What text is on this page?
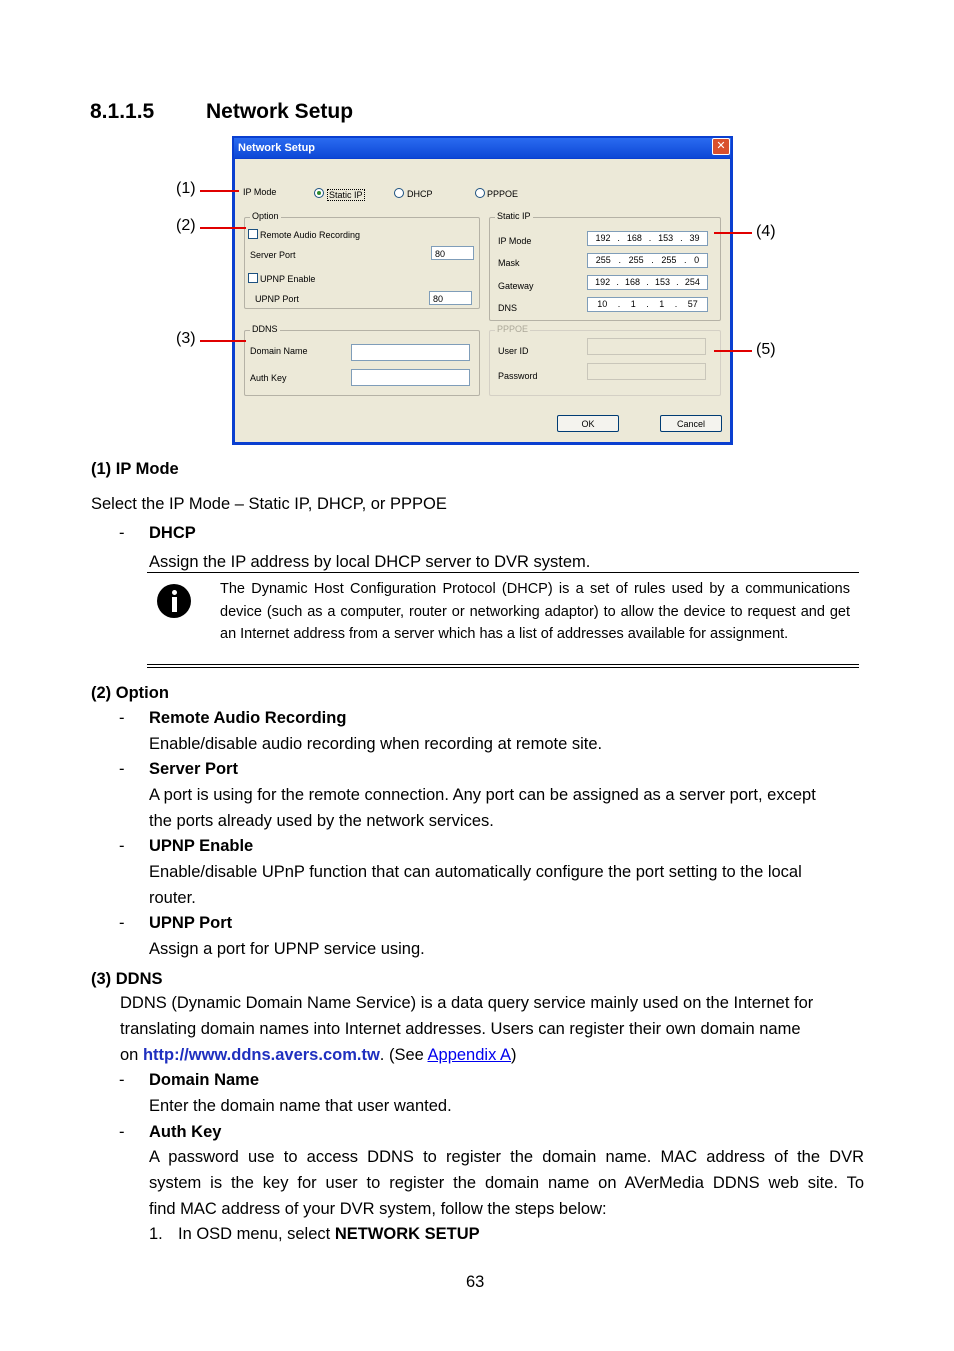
8.1.1.5 Network Setup
Network Setup	✕
IP Mode	Static IP	DHCP	PPPOE
Option
Remote Audio Recording
Server Port	80
UPNP Enable
UPNP Port	80
Static IP
IP Mode	192 . 168 . 153 . 39
Mask	255 . 255 . 255 . 0
Gateway	192 . 168 . 153 . 254
DNS	10 . 1 . 1 . 57
DDNS
Domain Name
Auth Key
PPPOE
User ID
Password
OK	Cancel
(1)
(2)
(3)
(4)
(5)

(1) IP Mode

Select the IP Mode – Static IP, DHCP, or PPPOE

- DHCP

Assign the IP address by local DHCP server to DVR system.

The Dynamic Host Configuration Protocol (DHCP) is a set of rules used by a communications device (such as a computer, router or networking adaptor) to allow the device to request and get an Internet address from a server which has a list of addresses available for assignment.

(2) Option

- Remote Audio Recording

Enable/disable audio recording when recording at remote site.

- Server Port

A port is using for the remote connection. Any port can be assigned as a server port, except

the ports already used by the network services.

- UPNP Enable

Enable/disable UPnP function that can automatically configure the port setting to the local

router.

- UPNP Port

Assign a port for UPNP service using.

(3) DDNS

DDNS (Dynamic Domain Name Service) is a data query service mainly used on the Internet for

translating domain names into Internet addresses. Users can register their own domain name

on http://www.ddns.avers.com.tw. (See Appendix A)

- Domain Name

Enter the domain name that user wanted.

- Auth Key

A password use to access DDNS to register the domain name. MAC address of the DVR

system is the key for user to register the domain name on AVerMedia DDNS web site. To

find MAC address of your DVR system, follow the steps below:

1. In OSD menu, select NETWORK SETUP

63
